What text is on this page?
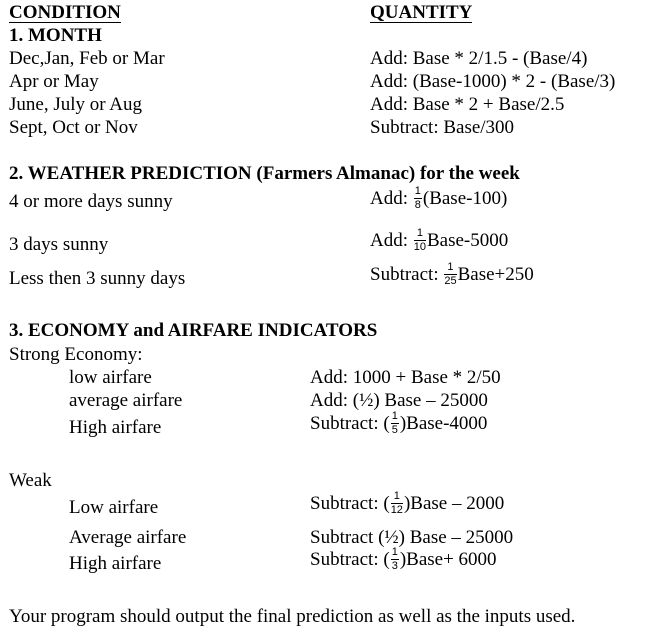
CONDITION	QUANTITY
1. MONTH
Dec,Jan, Feb or Mar	Add: Base * 2/1.5 - (Base/4)
Apr or May	Add: (Base-1000) * 2 - (Base/3)
June, July or Aug	Add: Base * 2 + Base/2.5
Sept, Oct or Nov	Subtract: Base/300
2. WEATHER PREDICTION (Farmers Almanac) for the week
4 or more days sunny	Add: $\frac{1}{8}$ (Base-100)
3 days sunny	Add: $\frac{1}{10}$ Base-5000
Less then 3 sunny days	Subtract: $\frac{1}{25}$ Base+250
3. ECONOMY and AIRFARE INDICATORS
Strong Economy:
low airfare	Add: 1000 + Base * 2/50
average airfare	Add: (½) Base – 25000
High airfare	Subtract: ( $\frac{1}{5}$ )Base-4000
Weak
Low airfare	Subtract: ( $\frac{1}{12}$ )Base – 2000
Average airfare	Subtract (½) Base – 25000
High airfare	Subtract: ( $\frac{1}{3}$ )Base+ 6000
Your program should output the final prediction as well as the inputs used.
